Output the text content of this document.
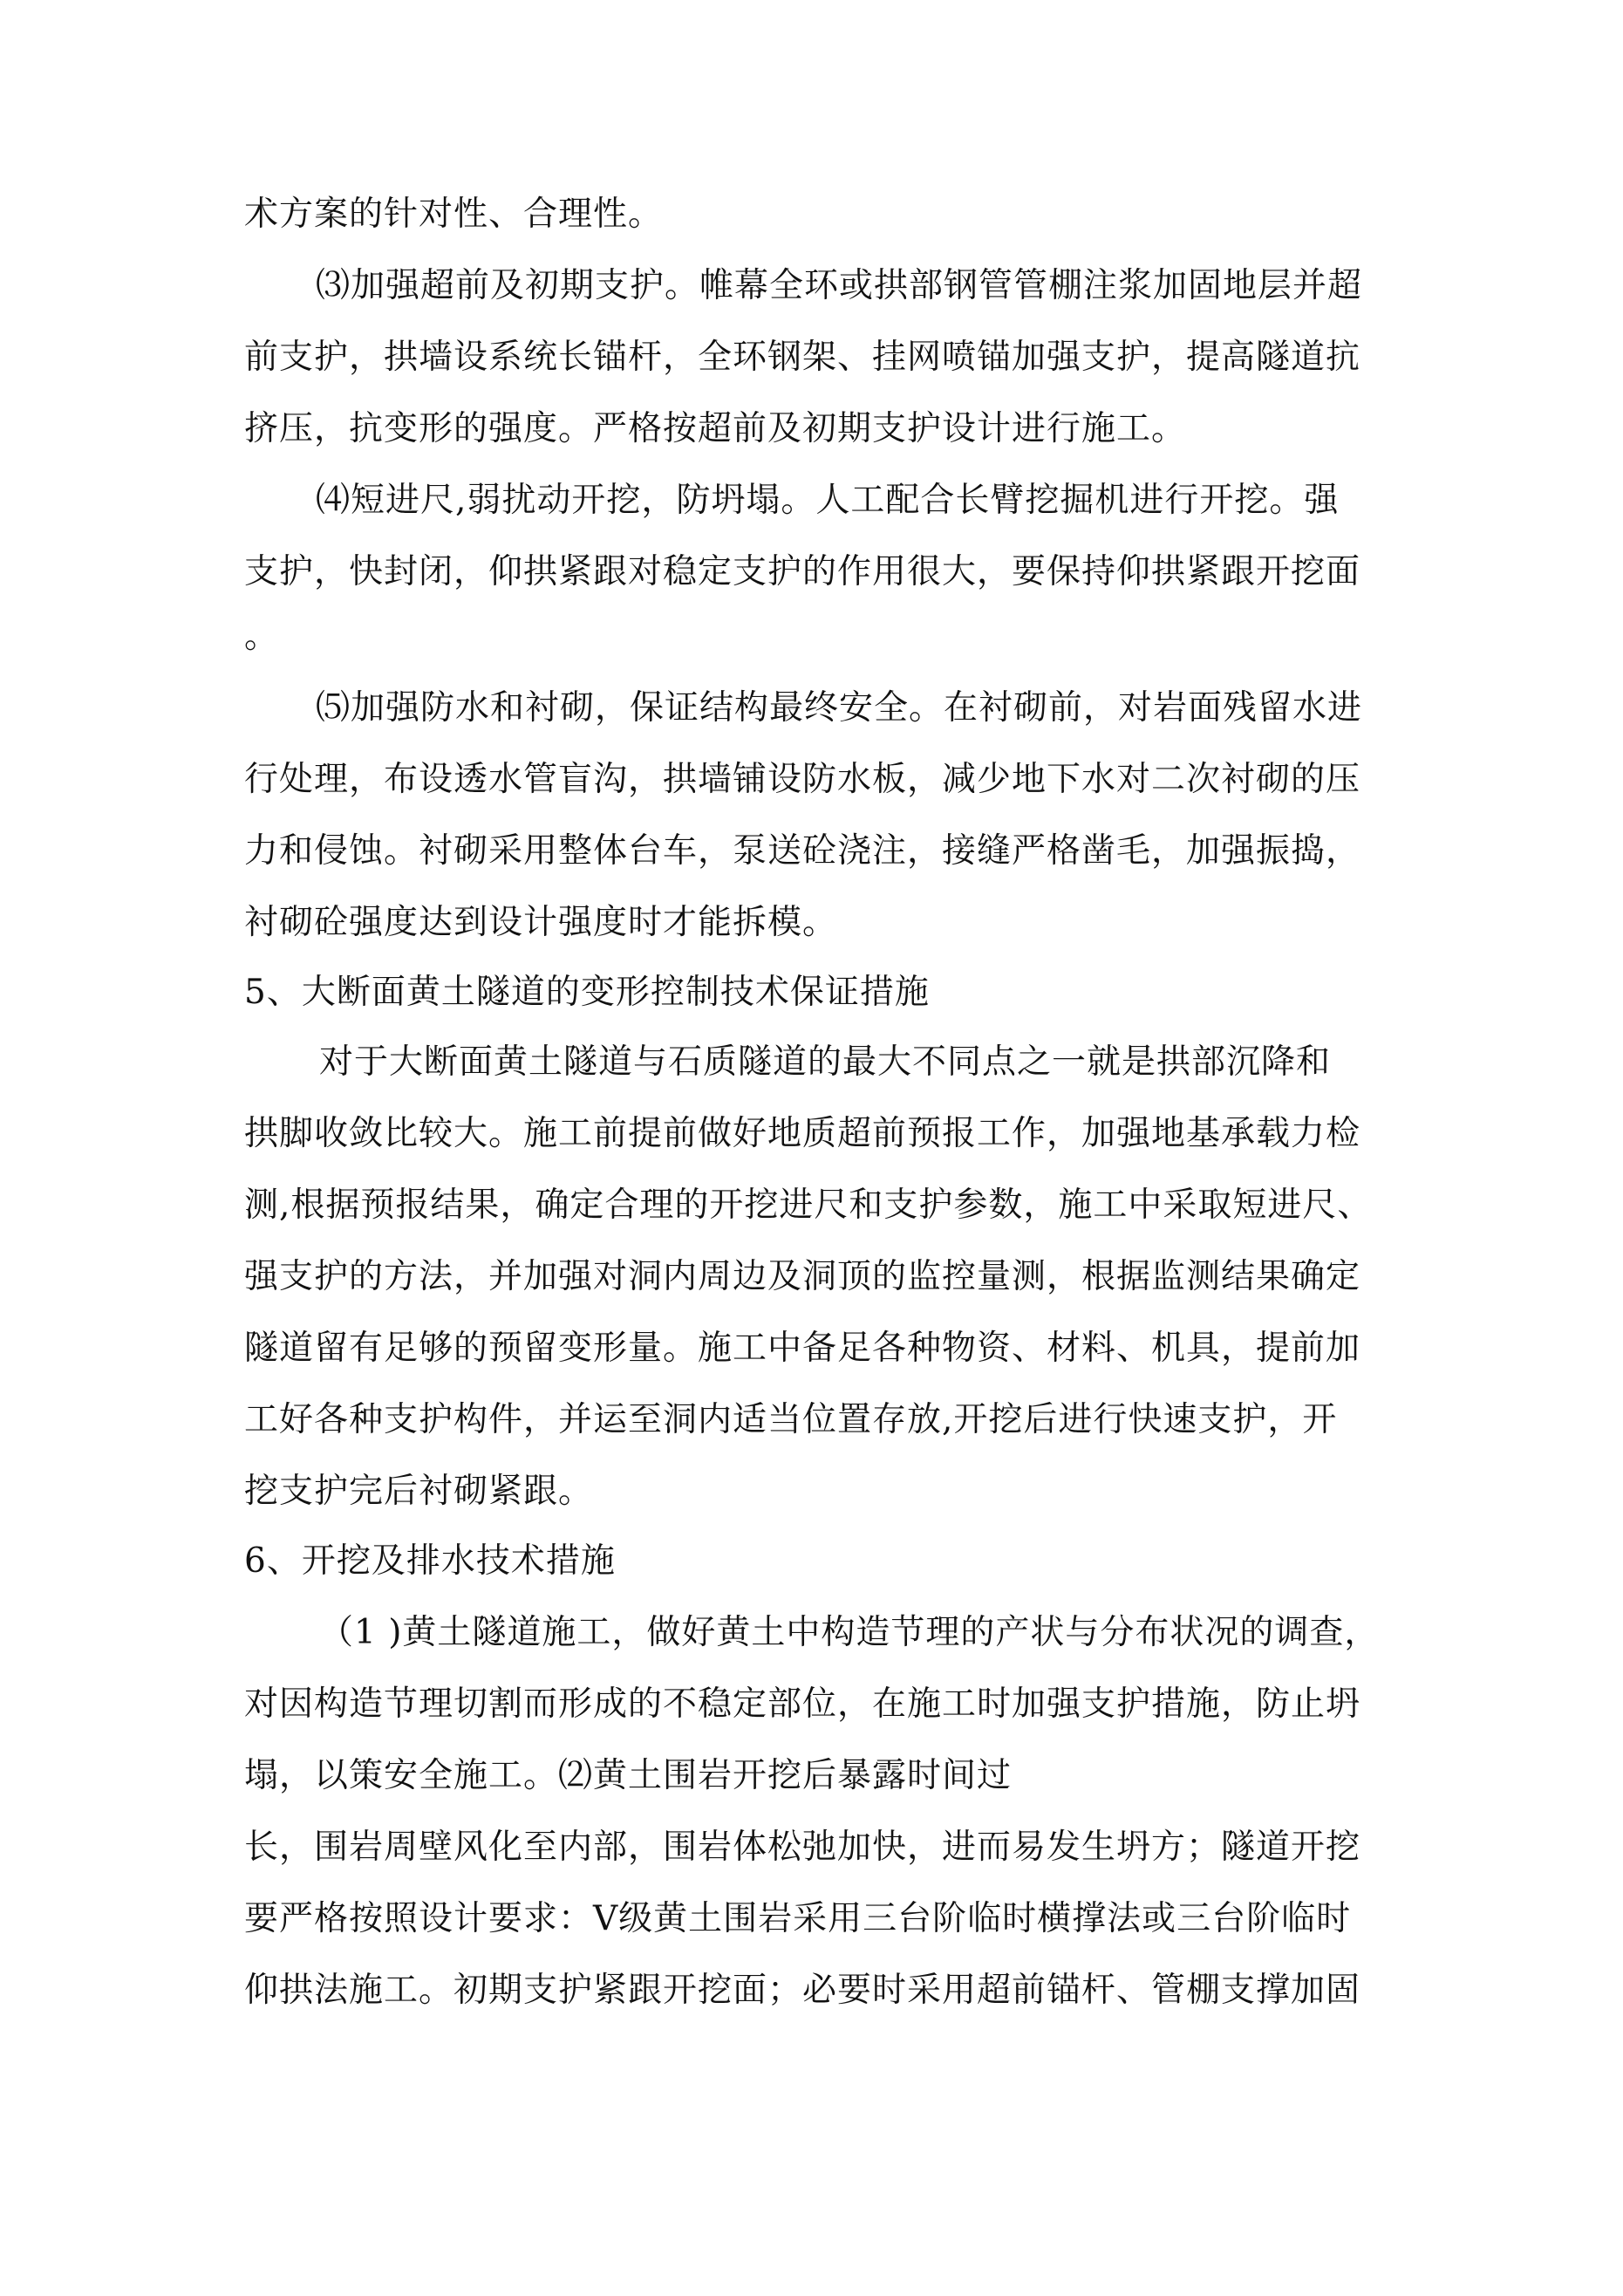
术方案的针对性、合理性。
⑶加强超前及初期支护。帷幕全环或拱部钢管管棚注浆加固地层并超
前支护，拱墙设系统长锚杆，全环钢架、挂网喷锚加强支护，提高隧道抗
挤压，抗变形的强度。严格按超前及初期支护设计进行施工。
⑷短进尺,弱扰动开挖，防坍塌。人工配合长臂挖掘机进行开挖。强
支护，快封闭，仰拱紧跟对稳定支护的作用很大，要保持仰拱紧跟开挖面
。
⑸加强防水和衬砌，保证结构最终安全。在衬砌前，对岩面残留水进
行处理，布设透水管盲沟，拱墙铺设防水板，减少地下水对二次衬砌的压
力和侵蚀。衬砌采用整体台车，泵送砼浇注，接缝严格凿毛，加强振捣，
衬砌砼强度达到设计强度时才能拆模。
5、大断面黄土隧道的变形控制技术保证措施
对于大断面黄土隧道与石质隧道的最大不同点之一就是拱部沉降和
拱脚收敛比较大。施工前提前做好地质超前预报工作，加强地基承载力检
测,根据预报结果，确定合理的开挖进尺和支护参数，施工中采取短进尺、
强支护的方法，并加强对洞内周边及洞顶的监控量测，根据监测结果确定
隧道留有足够的预留变形量。施工中备足各种物资、材料、机具，提前加
工好各种支护构件，并运至洞内适当位置存放,开挖后进行快速支护，开
挖支护完后衬砌紧跟。
6、开挖及排水技术措施
（1 )黄土隧道施工，做好黄土中构造节理的产状与分布状况的调查，
对因构造节理切割而形成的不稳定部位，在施工时加强支护措施，防止坍
塌，以策安全施工。⑵黄土围岩开挖后暴露时间过
长，围岩周壁风化至内部，围岩体松弛加快，进而易发生坍方；隧道开挖
要严格按照设计要求：Ⅴ级黄土围岩采用三台阶临时横撑法或三台阶临时
仰拱法施工。初期支护紧跟开挖面；必要时采用超前锚杆、管棚支撑加固
